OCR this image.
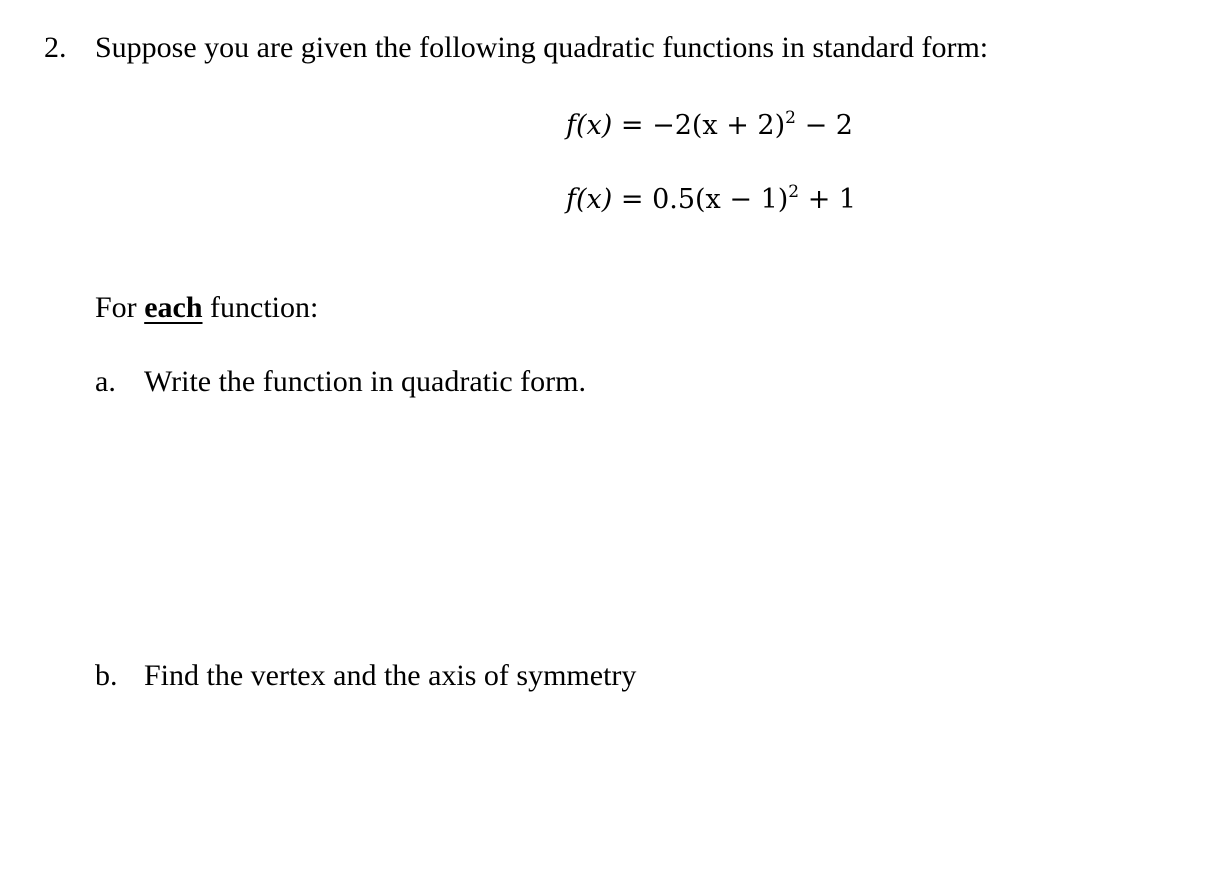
2. Suppose you are given the following quadratic functions in standard form:
$f(x) = -2(x + 2)^2 - 2$
$f(x) = 0.5(x - 1)^2 + 1$
For each function:
a. Write the function in quadratic form.
b. Find the vertex and the axis of symmetry
